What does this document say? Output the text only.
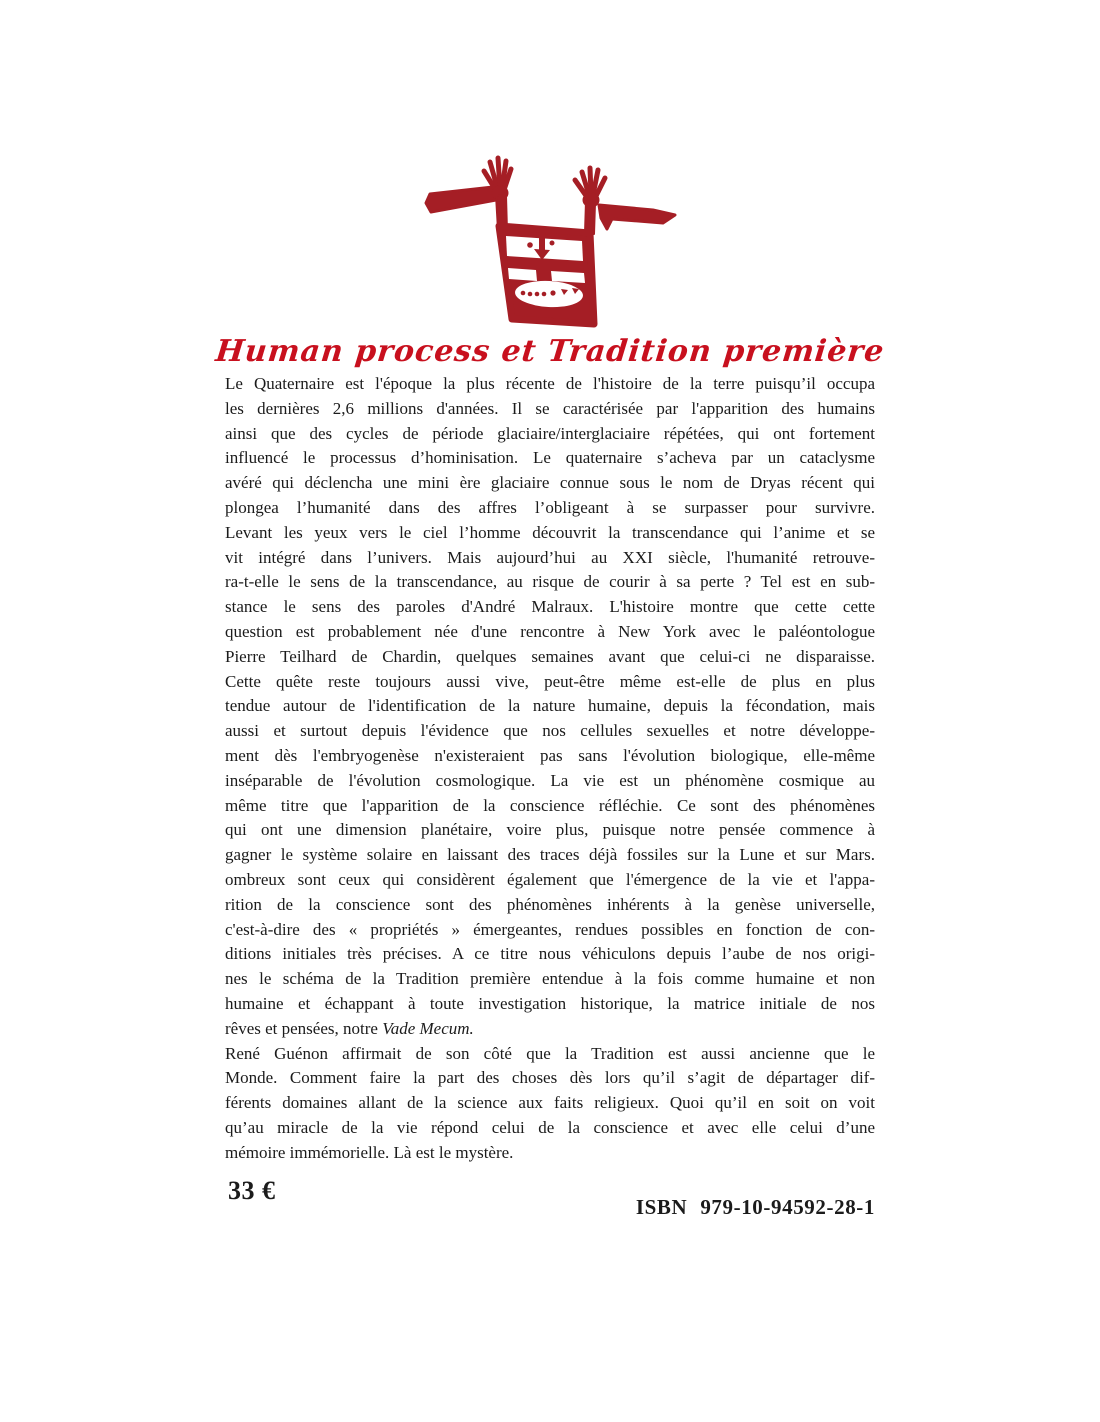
Human process et Tradition première
Le Quaternaire est l'époque la plus récente de l'histoire de la terre puisqu’il occupa
les dernières 2,6 millions d'années. Il se caractérisée par l'apparition des humains
ainsi que des cycles de période glaciaire/interglaciaire répétées, qui ont fortement
influencé le processus d’hominisation. Le quaternaire s’acheva par un cataclysme
avéré qui déclencha une mini ère glaciaire connue sous le nom de Dryas récent qui
plongea l’humanité dans des affres l’obligeant à se surpasser pour survivre.
Levant les yeux vers le ciel l’homme découvrit la transcendance qui l’anime et se
vit intégré dans l’univers. Mais aujourd’hui au XXI siècle, l'humanité retrouve-
ra-t-elle le sens de la transcendance, au risque de courir à sa perte ? Tel est en sub-
stance le sens des paroles d'André Malraux. L'histoire montre que cette cette
question est probablement née d'une rencontre à New York avec le paléontologue
Pierre Teilhard de Chardin, quelques semaines avant que celui-ci ne disparaisse.
Cette quête reste toujours aussi vive, peut-être même est-elle de plus en plus
tendue autour de l'identification de la nature humaine, depuis la fécondation, mais
aussi et surtout depuis l'évidence que nos cellules sexuelles et notre développe-
ment dès l'embryogenèse n'existeraient pas sans l'évolution biologique, elle-même
inséparable de l'évolution cosmologique. La vie est un phénomène cosmique au
même titre que l'apparition de la conscience réfléchie. Ce sont des phénomènes
qui ont une dimension planétaire, voire plus, puisque notre pensée commence à
gagner le système solaire en laissant des traces déjà fossiles sur la Lune et sur Mars.
ombreux sont ceux qui considèrent également que l'émergence de la vie et l'appa-
rition de la conscience sont des phénomènes inhérents à la genèse universelle,
c'est-à-dire des « propriétés » émergeantes, rendues possibles en fonction de con-
ditions initiales très précises. A ce titre nous véhiculons depuis l’aube de nos origi-
nes le schéma de la Tradition première entendue à la fois comme humaine et non
humaine et échappant à toute investigation historique, la matrice initiale de nos
rêves et pensées, notre Vade Mecum.
René Guénon affirmait de son côté que la Tradition est aussi ancienne que le
Monde. Comment faire la part des choses dès lors qu’il s’agit de départager dif-
férents domaines allant de la science aux faits religieux. Quoi qu’il en soit on voit
qu’au miracle de la vie répond celui de la conscience et avec elle celui d’une
mémoire immémorielle. Là est le mystère.
33 €
ISBN 979-10-94592-28-1
